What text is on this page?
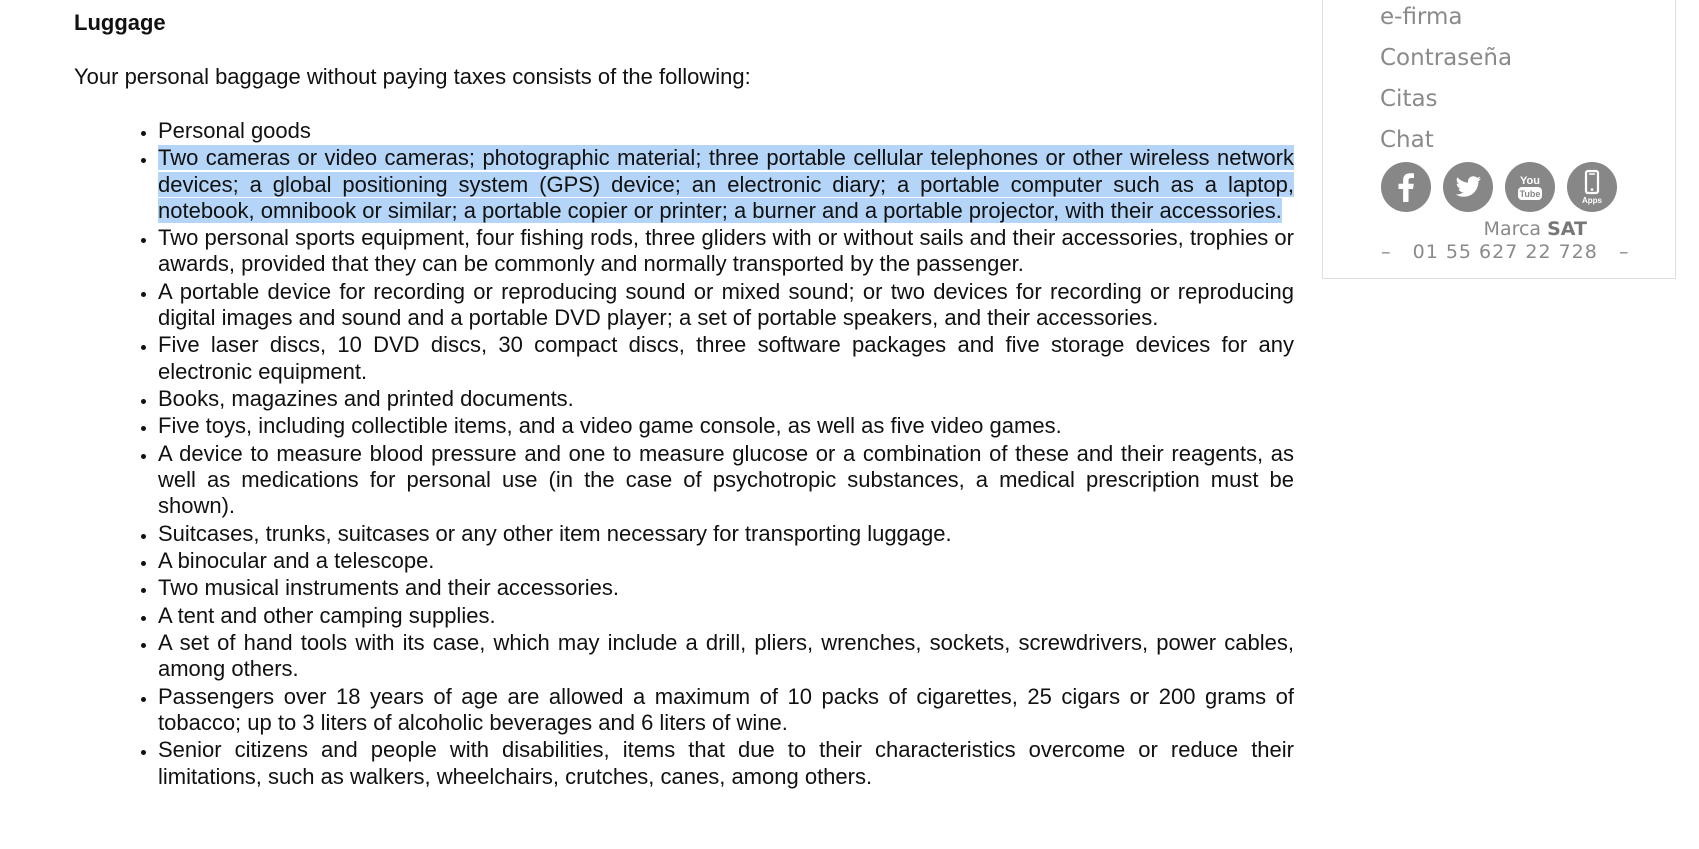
Luggage

Your personal baggage without paying taxes consists of the following:

• Personal goods
• Two cameras or video cameras; photographic material; three portable cellular telephones or other wireless network devices; a global positioning system (GPS) device; an electronic diary; a portable computer such as a laptop, notebook, omnibook or similar; a portable copier or printer; a burner and a portable projector, with their accessories.
• Two personal sports equipment, four fishing rods, three gliders with or without sails and their accessories, trophies or awards, provided that they can be commonly and normally transported by the passenger.
• A portable device for recording or reproducing sound or mixed sound; or two devices for recording or reproducing digital images and sound and a portable DVD player; a set of portable speakers, and their accessories.
• Five laser discs, 10 DVD discs, 30 compact discs, three software packages and five storage devices for any electronic equipment.
• Books, magazines and printed documents.
• Five toys, including collectible items, and a video game console, as well as five video games.
• A device to measure blood pressure and one to measure glucose or a combination of these and their reagents, as well as medications for personal use (in the case of psychotropic substances, a medical prescription must be shown).
• Suitcases, trunks, suitcases or any other item necessary for transporting luggage.
• A binocular and a telescope.
• Two musical instruments and their accessories.
• A tent and other camping supplies.
• A set of hand tools with its case, which may include a drill, pliers, wrenches, sockets, screwdrivers, power cables, among others.
• Passengers over 18 years of age are allowed a maximum of 10 packs of cigarettes, 25 cigars or 200 grams of tobacco; up to 3 liters of alcoholic beverages and 6 liters of wine.
• Senior citizens and people with disabilities, items that due to their characteristics overcome or reduce their limitations, such as walkers, wheelchairs, crutches, canes, among others.
e-firma
Contraseña
Citas
Chat
You
Tube
Apps
Marca SAT
–   01 55 627 22 728   –
